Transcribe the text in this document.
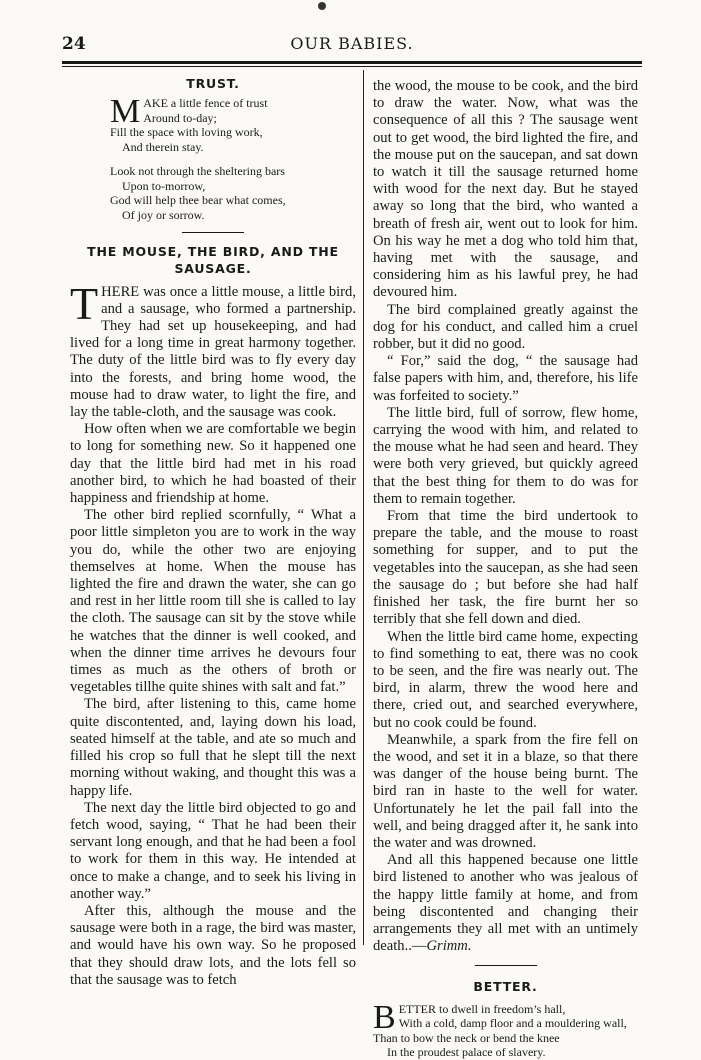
24	OUR BABIES.
TRUST.
M AKE a little fence of trust

Around to-day;

Fill the space with loving work,

And therein stay.

Look not through the sheltering bars

Upon to-morrow,

God will help thee bear what comes,

Of joy or sorrow.

THE MOUSE, THE BIRD, AND THE SAUSAGE.

THERE was once a little mouse, a little bird, and a sausage, who formed a partnership. They had set up housekeeping, and had lived for a long time in great harmony together. The duty of the little bird was to fly every day into the forests, and bring home wood, the mouse had to draw water, to light the fire, and lay the table-cloth, and the sausage was cook.

How often when we are comfortable we begin to long for something new. So it happened one day that the little bird had met in his road another bird, to which he had boasted of their happiness and friendship at home.

The other bird replied scornfully, “ What a poor little simpleton you are to work in the way you do, while the other two are enjoying themselves at home. When the mouse has lighted the fire and drawn the water, she can go and rest in her little room till she is called to lay the cloth. The sausage can sit by the stove while he watches that the dinner is well cooked, and when the dinner time arrives he devours four times as much as the others of broth or vegetables tillhe quite shines with salt and fat.”

The bird, after listening to this, came home quite discontented, and, laying down his load, seated himself at the table, and ate so much and filled his crop so full that he slept till the next morning without waking, and thought this was a happy life.

The next day the little bird objected to go and fetch wood, saying, “ That he had been their servant long enough, and that he had been a fool to work for them in this way. He intended at once to make a change, and to seek his living in another way.”

After this, although the mouse and the sausage were both in a rage, the bird was master, and would have his own way. So he proposed that they should draw lots, and the lots fell so that the sausage was to fetch

the wood, the mouse to be cook, and the bird to draw the water. Now, what was the consequence of all this ? The sausage went out to get wood, the bird lighted the fire, and the mouse put on the saucepan, and sat down to watch it till the sausage returned home with wood for the next day. But he stayed away so long that the bird, who wanted a breath of fresh air, went out to look for him. On his way he met a dog who told him that, having met with the sausage, and considering him as his lawful prey, he had devoured him.

The bird complained greatly against the dog for his conduct, and called him a cruel robber, but it did no good.

“ For,” said the dog, “ the sausage had false papers with him, and, therefore, his life was forfeited to society.”

The little bird, full of sorrow, flew home, carrying the wood with him, and related to the mouse what he had seen and heard. They were both very grieved, but quickly agreed that the best thing for them to do was for them to remain together.

From that time the bird undertook to prepare the table, and the mouse to roast something for supper, and to put the vegetables into the saucepan, as she had seen the sausage do ; but before she had half finished her task, the fire burnt her so terribly that she fell down and died.

When the little bird came home, expecting to find something to eat, there was no cook to be seen, and the fire was nearly out. The bird, in alarm, threw the wood here and there, cried out, and searched everywhere, but no cook could be found.

Meanwhile, a spark from the fire fell on the wood, and set it in a blaze, so that there was danger of the house being burnt. The bird ran in haste to the well for water. Unfortunately he let the pail fall into the well, and being dragged after it, he sank into the water and was drowned.

And all this happened because one little bird listened to another who was jealous of the happy little family at home, and from being discontented and changing their arrangements they all met with an untimely death..—Grimm.

BETTER.
B ETTER to dwell in freedom’s hall,

With a cold, damp floor and a mouldering wall,

Than to bow the neck or bend the knee

In the proudest palace of slavery.
